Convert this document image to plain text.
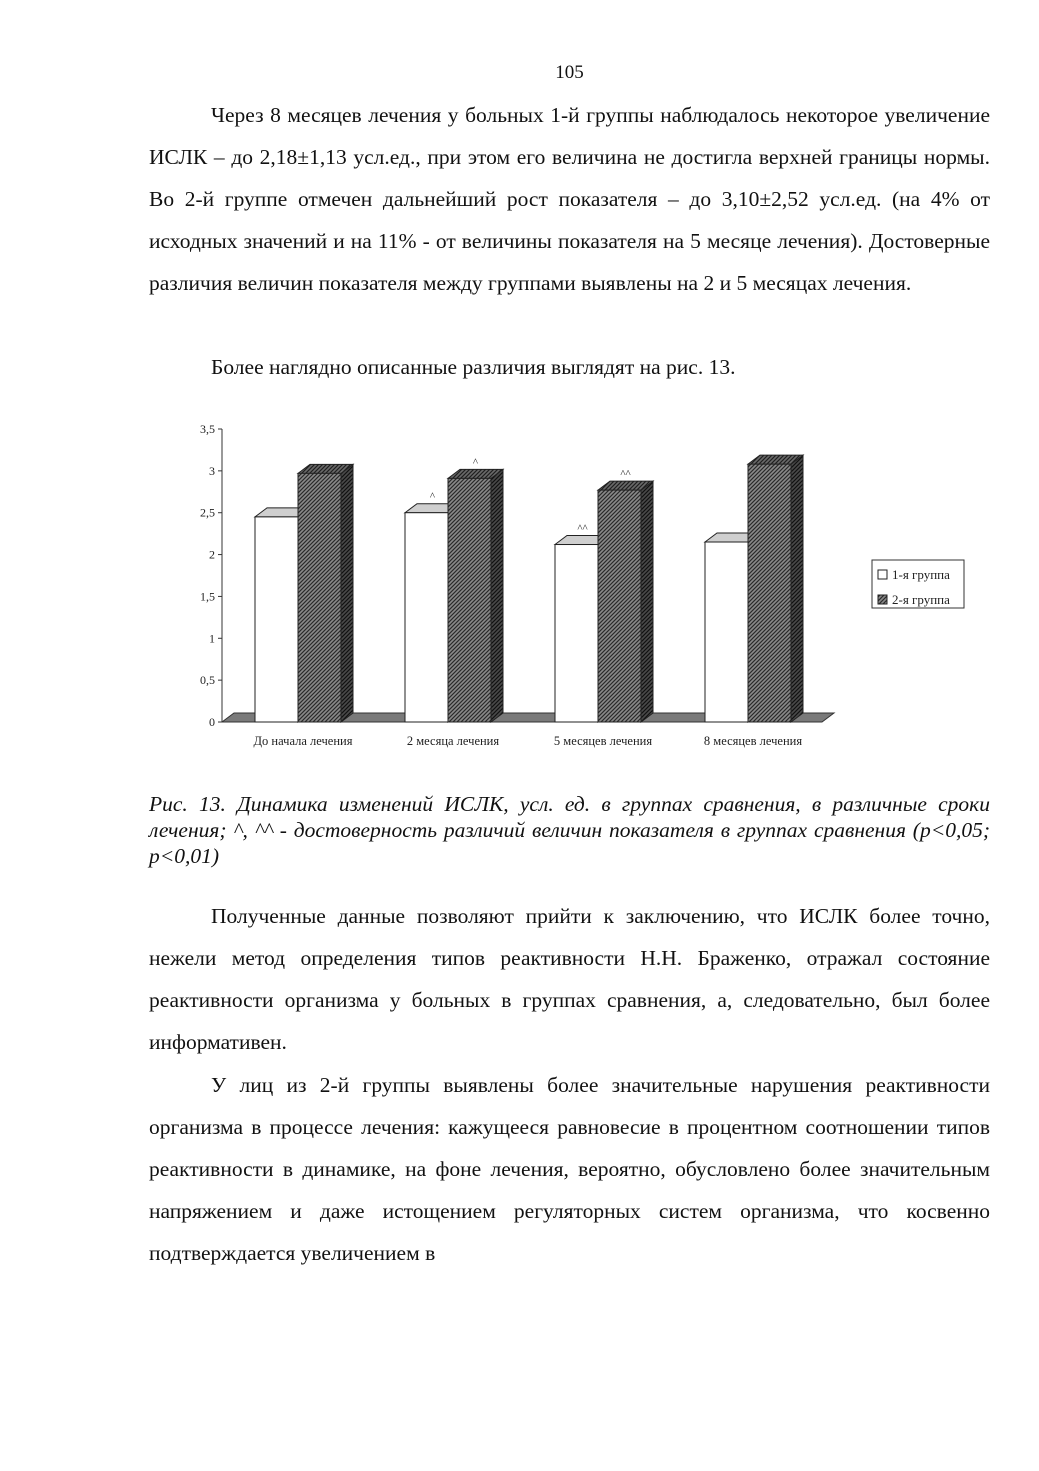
105

Через 8 месяцев лечения у больных 1-й группы наблюдалось некоторое увеличение ИСЛК – до 2,18±1,13 усл.ед., при этом его величина не достигла верхней границы нормы. Во 2-й группе отмечен дальнейший рост показателя – до 3,10±2,52 усл.ед. (на 4% от исходных значений и на 11% - от величины показателя на 5 месяце лечения). Достоверные различия величин показателя между группами выявлены на 2 и 5 месяцах лечения.

Более наглядно описанные различия выглядят на рис. 13.

0
0,5
1
1,5
2
2,5
3
3,5
До начала лечения
^
^
2 месяца лечения
^^
^^
5 месяцев лечения	8 месяцев лечения
1-я группа
2-я группа

Рис. 13. Динамика изменений ИСЛК, усл. ед. в группах сравнения, в различные сроки лечения; ^, ^^ - достоверность различий величин показателя в группах сравнения (р<0,05; р<0,01)

Полученные данные позволяют прийти к заключению, что ИСЛК более точно, нежели метод определения типов реактивности Н.Н. Браженко, отражал состояние реактивности организма у больных в группах сравнения, а, следовательно, был более информативен.

У лиц из 2-й группы выявлены более значительные нарушения реактивности организма в процессе лечения: кажущееся равновесие в процентном соотношении типов реактивности в динамике, на фоне лечения, вероятно, обусловлено более значительным напряжением и даже истощением регуляторных систем организма, что косвенно подтверждается увеличением в
